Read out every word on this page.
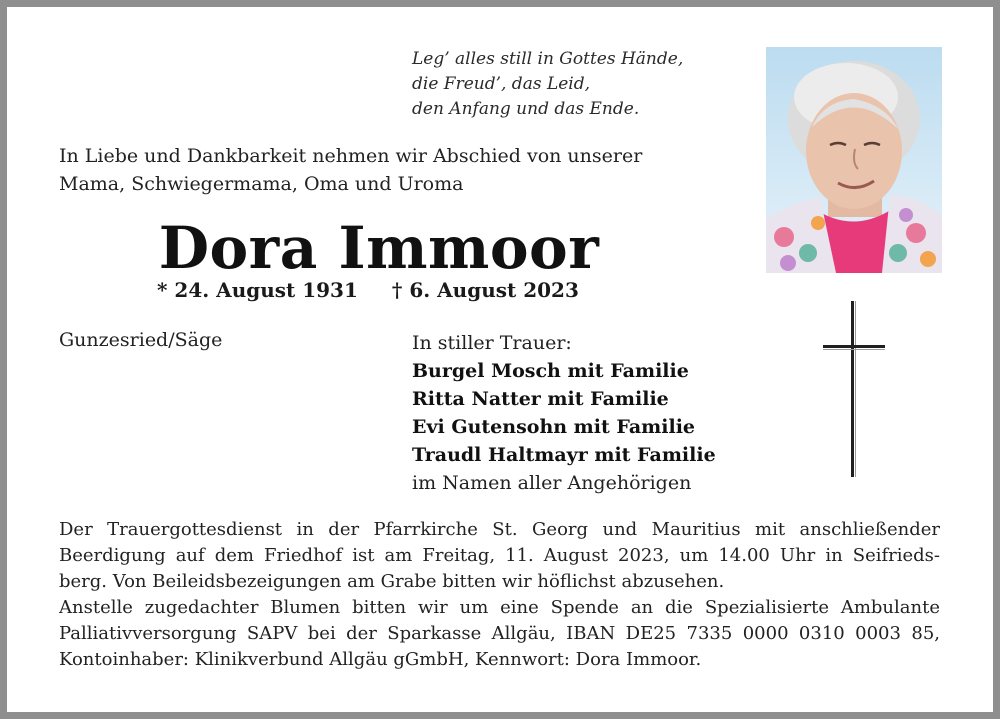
Leg’ alles still in Gottes Hände,
die Freud’, das Leid,
den Anfang und das Ende.
In Liebe und Dankbarkeit nehmen wir Abschied von unserer
Mama, Schwiegermama, Oma und Uroma
Dora Immoor
* 24. August 1931 † 6. August 2023
Gunzesried/Säge	In stiller Trauer:
Burgel Mosch mit Familie
Ritta Natter mit Familie
Evi Gutensohn mit Familie
Traudl Haltmayr mit Familie
im Namen aller Angehörigen
Der Trauergottesdienst in der Pfarrkirche St. Georg und Mauritius mit anschließender
Beerdigung auf dem Friedhof ist am Freitag, 11. August 2023, um 14.00 Uhr in Seifrieds-
berg. Von Beileidsbezeigungen am Grabe bitten wir höflichst abzusehen.
Anstelle zugedachter Blumen bitten wir um eine Spende an die Spezialisierte Ambulante
Palliativversorgung SAPV bei der Sparkasse Allgäu, IBAN DE25 7335 0000 0310 0003 85,
Kontoinhaber: Klinikverbund Allgäu gGmbH, Kennwort: Dora Immoor.
